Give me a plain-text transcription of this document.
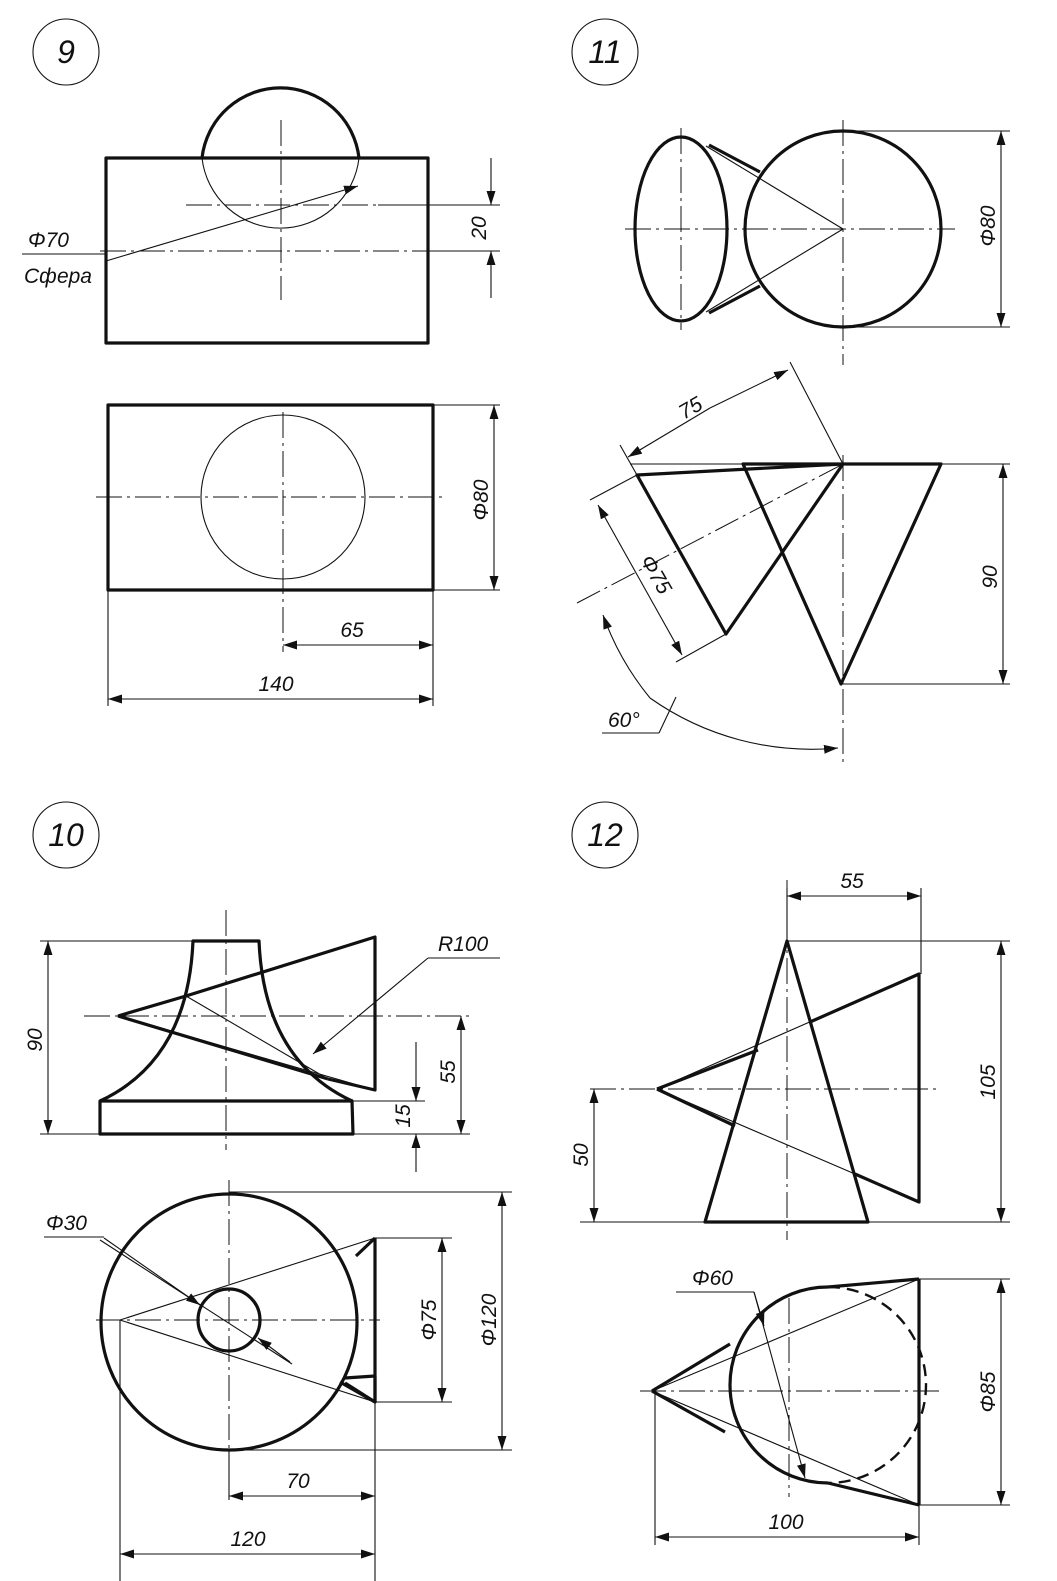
9
20
Φ70
Сфера
Φ80
65
140
11
Φ80
90
75
Φ75
60°
10
90
55
15
R100
Φ30
Φ75 Φ120
70
120
12
55
105
50
Φ60
Φ85
100
